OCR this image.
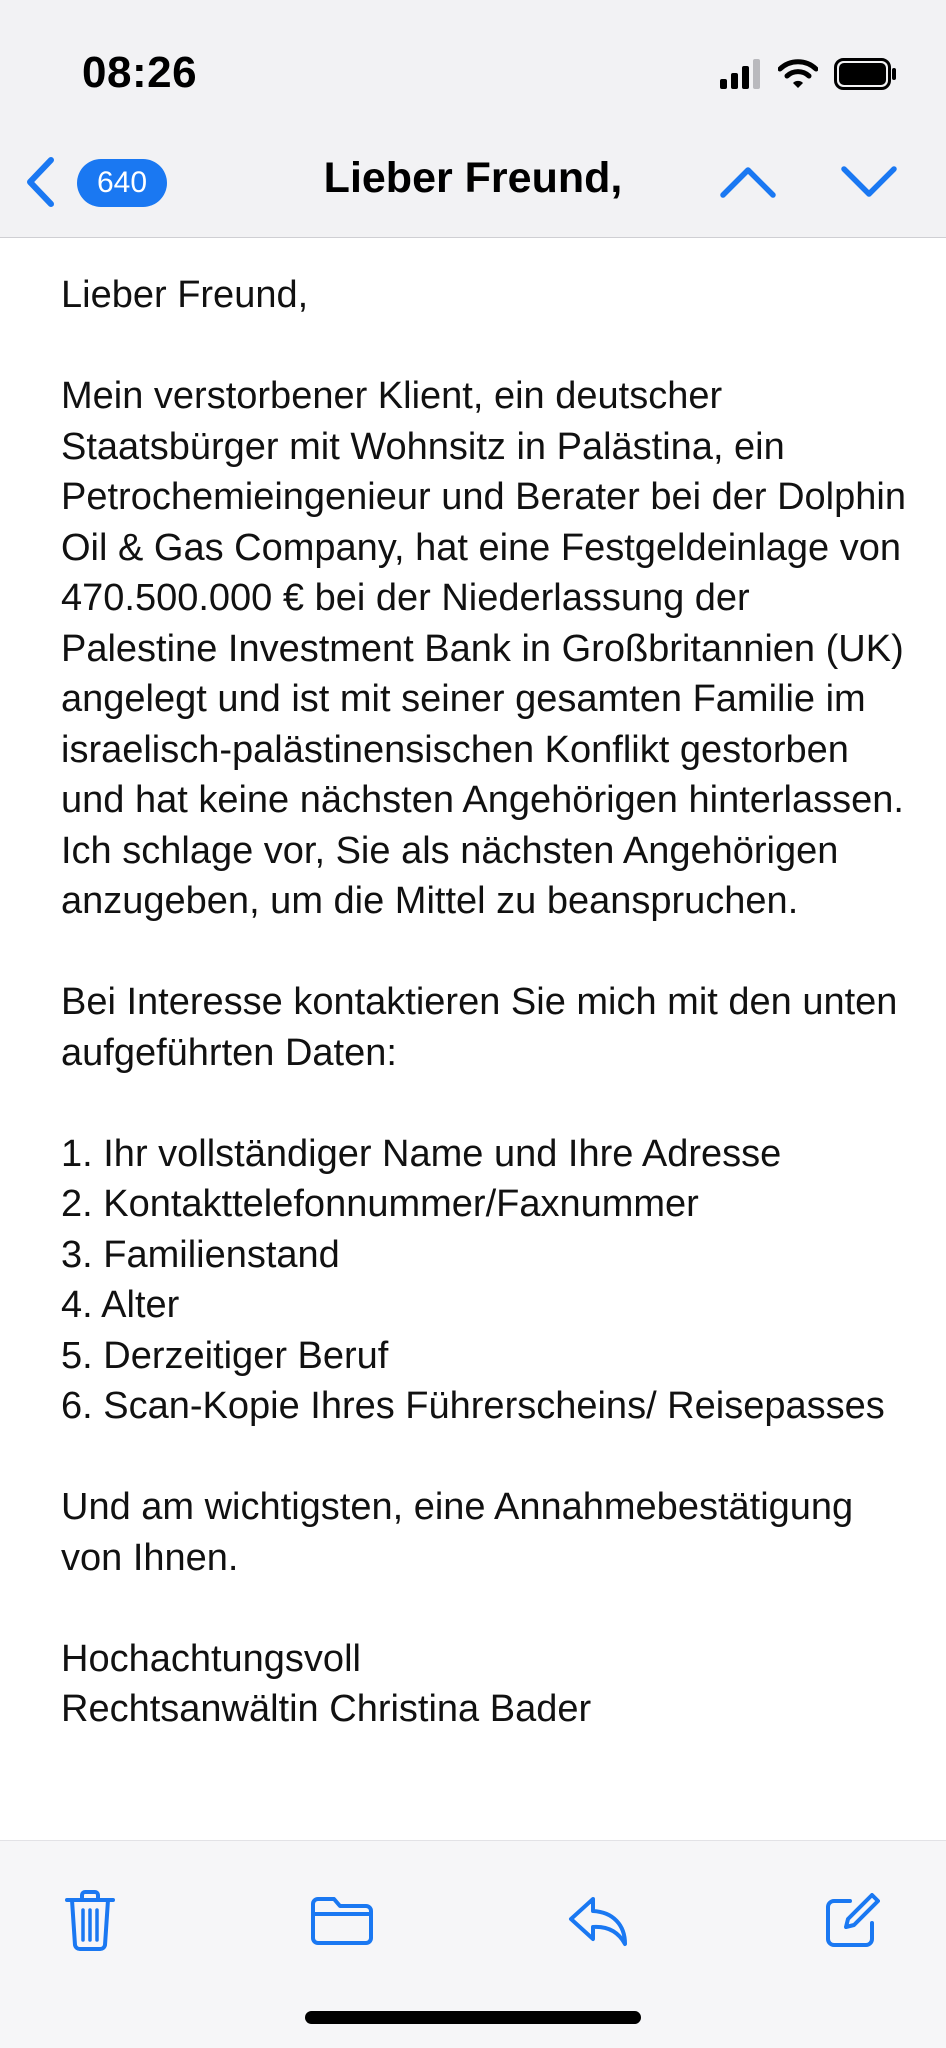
08:26
640	Lieber Freund,

Lieber Freund,

Mein verstorbener Klient, ein deutscher Staatsbürger mit Wohnsitz in Palästina, ein Petrochemieingenieur und Berater bei der Dolphin Oil & Gas Company, hat eine Festgeldeinlage von 470.500.000 € bei der Niederlassung der Palestine Investment Bank in Großbritannien (UK) angelegt und ist mit seiner gesamten Familie im israelisch-palästinensischen Konflikt gestorben und hat keine nächsten Angehörigen hinterlassen. Ich schlage vor, Sie als nächsten Angehörigen anzugeben, um die Mittel zu beanspruchen.

Bei Interesse kontaktieren Sie mich mit den unten aufgeführten Daten:

1. Ihr vollständiger Name und Ihre Adresse
2. Kontakttelefonnummer/Faxnummer
3. Familienstand
4. Alter
5. Derzeitiger Beruf
6. Scan-Kopie Ihres Führerscheins/ Reisepasses

Und am wichtigsten, eine Annahmebestätigung von Ihnen.

Hochachtungsvoll
Rechtsanwältin Christina Bader
